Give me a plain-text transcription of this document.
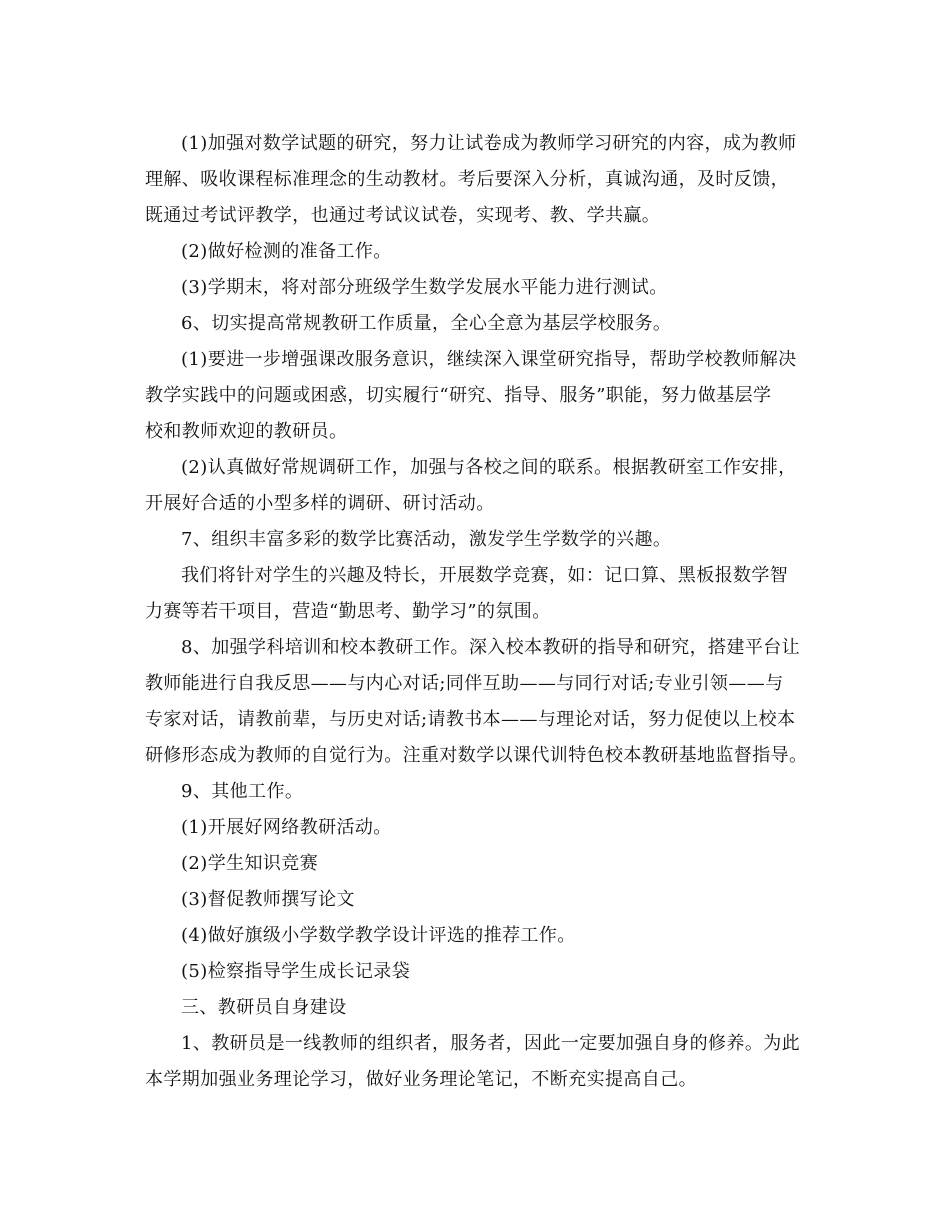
(1)加强对数学试题的研究，努力让试卷成为教师学习研究的内容，成为教师
理解、吸收课程标准理念的生动教材。考后要深入分析，真诚沟通，及时反馈，
既通过考试评教学，也通过考试议试卷，实现考、教、学共赢。

(2)做好检测的准备工作。

(3)学期末，将对部分班级学生数学发展水平能力进行测试。

6、切实提高常规教研工作质量，全心全意为基层学校服务。

(1)要进一步增强课改服务意识，继续深入课堂研究指导，帮助学校教师解决
教学实践中的问题或困惑，切实履行“研究、指导、服务”职能，努力做基层学
校和教师欢迎的教研员。

(2)认真做好常规调研工作，加强与各校之间的联系。根据教研室工作安排，
开展好合适的小型多样的调研、研讨活动。

7、组织丰富多彩的数学比赛活动，激发学生学数学的兴趣。

我们将针对学生的兴趣及特长，开展数学竞赛，如：记口算、黑板报数学智
力赛等若干项目，营造“勤思考、勤学习”的氛围。

8、加强学科培训和校本教研工作。深入校本教研的指导和研究，搭建平台让
教师能进行自我反思——与内心对话;同伴互助——与同行对话;专业引领——与
专家对话，请教前辈，与历史对话;请教书本——与理论对话，努力促使以上校本
研修形态成为教师的自觉行为。注重对数学以课代训特色校本教研基地监督指导。

9、其他工作。

(1)开展好网络教研活动。

(2)学生知识竞赛

(3)督促教师撰写论文

(4)做好旗级小学数学教学设计评选的推荐工作。

(5)检察指导学生成长记录袋

三、教研员自身建设

1、教研员是一线教师的组织者，服务者，因此一定要加强自身的修养。为此
本学期加强业务理论学习，做好业务理论笔记，不断充实提高自己。
